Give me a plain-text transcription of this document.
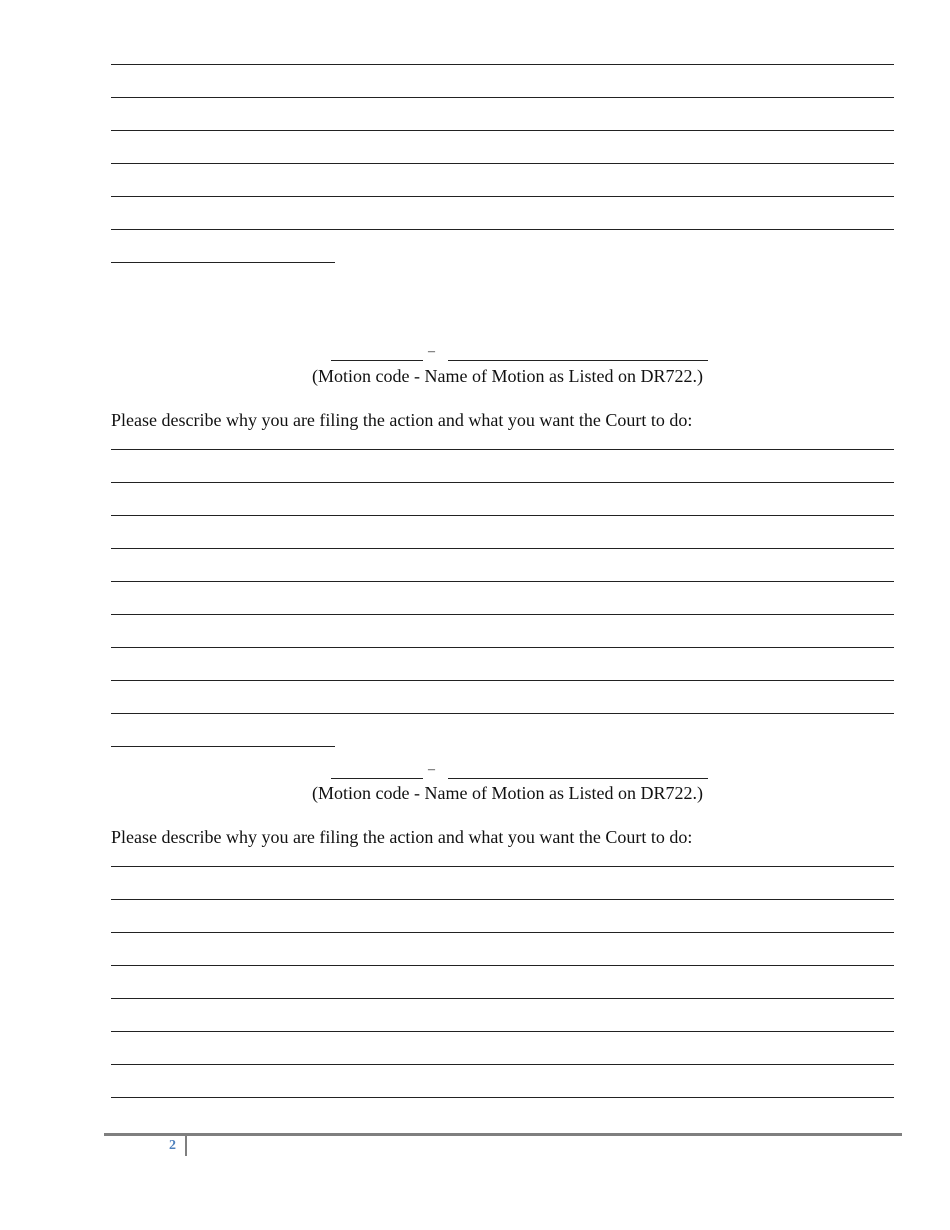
–
(Motion code - Name of Motion as Listed on DR722.)
Please describe why you are filing the action and what you want the Court to do:
–
(Motion code - Name of Motion as Listed on DR722.)
Please describe why you are filing the action and what you want the Court to do:
2
